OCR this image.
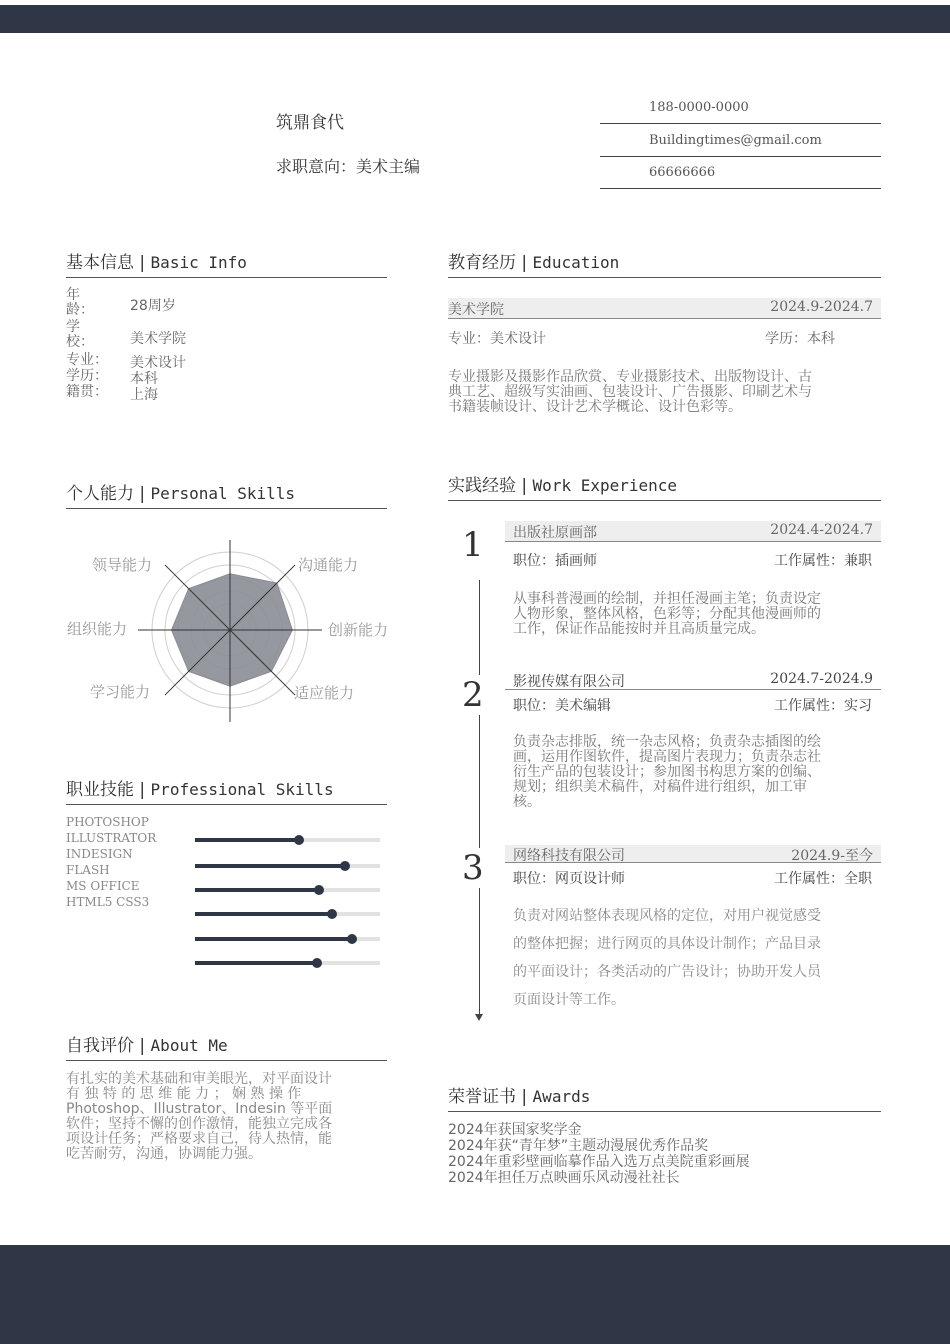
筑鼎食代
求职意向：美术主编
188-0000-0000
Buildingtimes@gmail.com
66666666
基本信息 | Basic Info
年龄：	28周岁
学校：	美术学院
专业： 美术设计
学历： 本科
籍贯： 上海
教育经历 | Education
美术学院	2024.9-2024.7
专业：美术设计	学历：本科
专业摄影及摄影作品欣赏、专业摄影技术、出版物设计、古
典工艺、超级写实油画、包装设计、广告摄影、印刷艺术与
书籍装帧设计、设计艺术学概论、设计色彩等。
个人能力 | Personal Skills
领导能力	沟通能力
组织能力	创新能力
学习能力	适应能力
职业技能 | Professional Skills
PHOTOSHOP
ILLUSTRATOR
INDESIGN
FLASH
MS OFFICE
HTML5 CSS3
自我评价 | About Me
有扎实的美术基础和审美眼光，对平面设计
有 独 特 的 思 维 能 力 ； 娴 熟 操 作
Photoshop、Illustrator、Indesin 等平面
软件；坚持不懈的创作激情，能独立完成各
项设计任务；严格要求自己，待人热情，能
吃苦耐劳，沟通，协调能力强。
实践经验 | Work Experience
1 出版社原画部	2024.4-2024.7
职位：插画师	工作属性：兼职
从事科普漫画的绘制，并担任漫画主笔；负责设定
人物形象，整体风格，色彩等；分配其他漫画师的
工作，保证作品能按时并且高质量完成。
2 影视传媒有限公司	2024.7-2024.9
职位：美术编辑	工作属性：实习
负责杂志排版，统一杂志风格；负责杂志插图的绘
画，运用作图软件，提高图片表现力；负责杂志社
衍生产品的包装设计；参加图书构思方案的创编、
规划；组织美术稿件，对稿件进行组织，加工审
核。
3 网络科技有限公司	2024.9-至今
职位：网页设计师	工作属性：全职
负责对网站整体表现风格的定位，对用户视觉感受
的整体把握；进行网页的具体设计制作；产品目录
的平面设计；各类活动的广告设计；协助开发人员
页面设计等工作。
荣誉证书 | Awards
2024年获国家奖学金
2024年获“青年梦”主题动漫展优秀作品奖
2024年重彩壁画临摹作品入选万点美院重彩画展
2024年担任万点映画乐风动漫社社长
